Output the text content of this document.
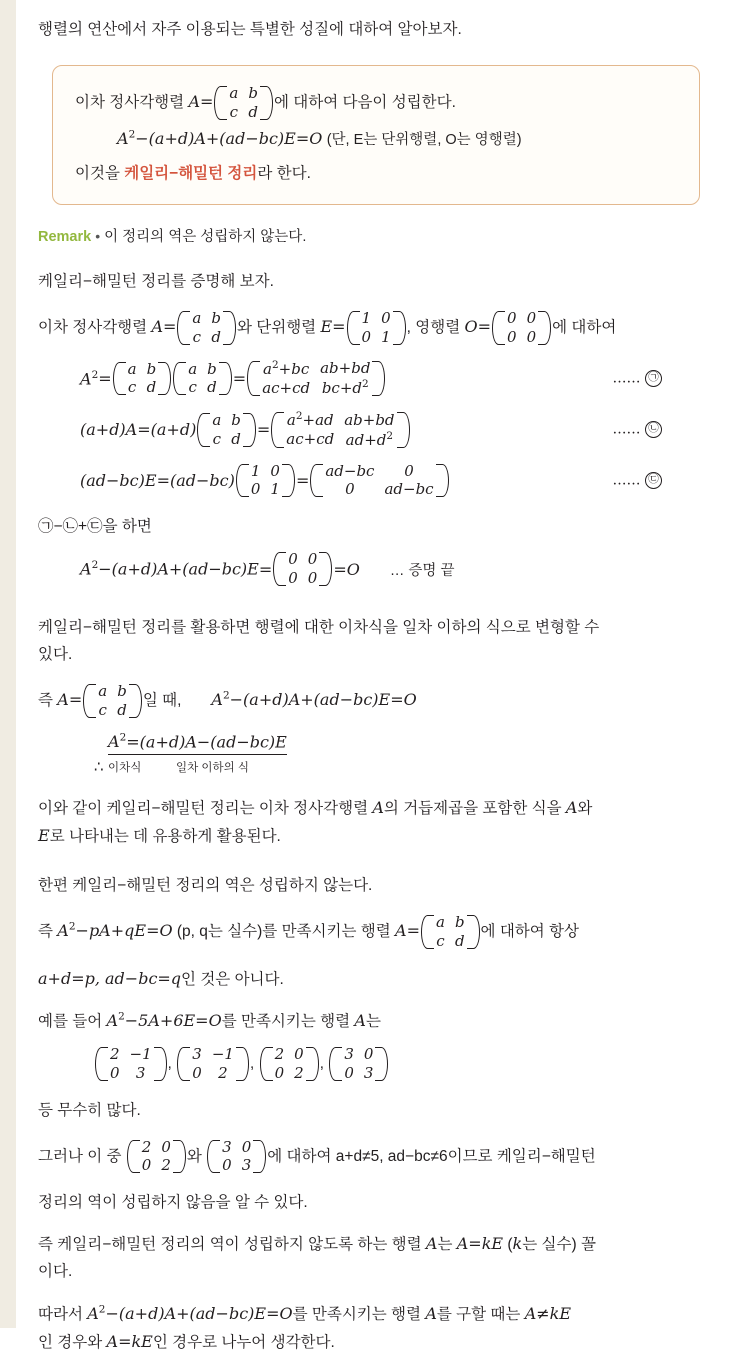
행렬의 연산에서 자주 이용되는 특별한 성질에 대하여 알아보자.
이차 정사각행렬 A= a	b
c	d
에 대하여 다음이 성립한다.
$A^2-(a+d)A+(ad-bc)E=O$ (단, E는 단위행렬, O는 영행렬)
이것을 케일리−해밀턴 정리라 한다.
Remark • 이 정리의 역은 성립하지 않는다.
케일리−해밀턴 정리를 증명해 보자.
이차 정사각행렬 A= a	b
c	d
와 단위행렬 E= 1	0
0	1
, 영행렬 O= 0	0
0	0
에 대하여
$A^2$ =
a	b
c	d
a	b
c	d =
$a^2+bc$	ab+bd
ac+cd	$bc+d^2$	…… ㉠
(a+d)A = (a+d)
a	b
c	d =
$a^2+ad$	ab+bd
ac+cd	$ad+d^2$	…… ㉡
(ad−bc)E = (ad−bc)
1	0
0	1 =
ad−bc	0
0	ad−bc	…… ㉢
㉠−㉡+㉢을 하면
$A^2-(a+d)A+(ad-bc)E$ =
0	0
0	0 = O … 증명 끝
케일리−해밀턴 정리를 활용하면 행렬에 대한 이차식을 일차 이하의 식으로 변형할 수
있다.
즉 A= a	b
c	d
일 때, $A^2-(a+d)A+(ad-bc)E=O$
∴ $A^2=(a+d)A-(ad-bc)E$
이차식	일차 이하의 식
이와 같이 케일리−해밀턴 정리는 이차 정사각행렬 A의 거듭제곱을 포함한 식을 A와
E로 나타내는 데 유용하게 활용된다.
한편 케일리−해밀턴 정리의 역은 성립하지 않는다.
즉 $A^2-pA+qE=O$ (p, q는 실수)를 만족시키는 행렬 A= a	b
c	d
에 대하여 항상
a+d=p, ad−bc=q인 것은 아니다.
예를 들어 $A^2-5A+6E=O$를 만족시키는 행렬 A는
2	−1
0	3
,
3	−1
0	2
,
2	0
0	2
,
3	0
0	3
등 무수히 많다.
그러나 이 중
2	0
0	2
와
3	0
0	3
에 대하여 a+d≠5, ad−bc≠6이므로 케일리−해밀턴
정리의 역이 성립하지 않음을 알 수 있다.
즉 케일리−해밀턴 정리의 역이 성립하지 않도록 하는 행렬 A는 A=kE (k는 실수) 꼴
이다.
따라서 $A^2-(a+d)A+(ad-bc)E=O$를 만족시키는 행렬 A를 구할 때는 A≠kE
인 경우와 A=kE인 경우로 나누어 생각한다.
